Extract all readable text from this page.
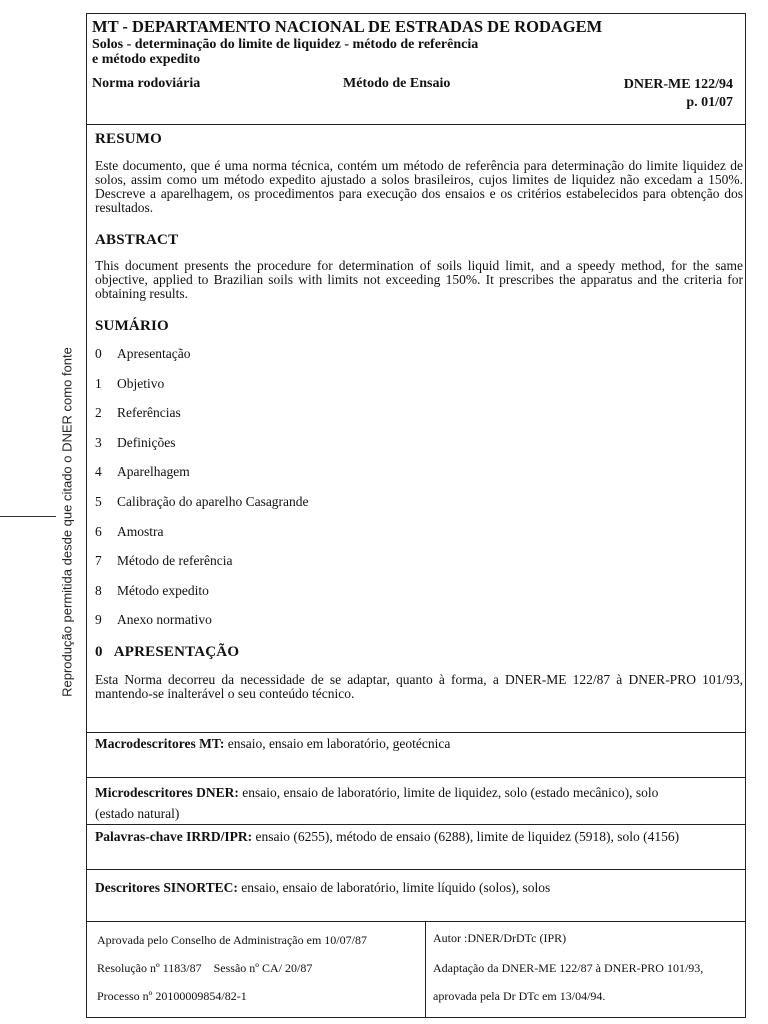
Reprodução permitida desde que citado o DNER como fonte
MT - DEPARTAMENTO NACIONAL DE ESTRADAS DE RODAGEM
Solos - determinação do limite de liquidez - método de referência
e método expedito
Norma rodoviária	Método de Ensaio	DNER-ME 122/94
p. 01/07
RESUMO

Este documento, que é uma norma técnica, contém um método de referência para determinação do limite liquidez de solos, assim como um método expedito ajustado a solos brasileiros, cujos limites de liquidez não excedam a 150%. Descreve a aparelhagem, os procedimentos para execução dos ensaios e os critérios estabelecidos para obtenção dos resultados.

ABSTRACT

This document presents the procedure for determination of soils liquid limit, and a speedy method, for the same objective, applied to Brazilian soils with limits not exceeding 150%. It prescribes the apparatus and the criteria for obtaining results.

SUMÁRIO
0	Apresentação
1	Objetivo
2	Referências
3	Definições
4	Aparelhagem
5	Calibração do aparelho Casagrande
6	Amostra
7	Método de referência
8	Método expedito
9	Anexo normativo
0   APRESENTAÇÃO

Esta Norma decorreu da necessidade de se adaptar, quanto à forma, a DNER-ME 122/87 à DNER-PRO 101/93, mantendo-se inalterável o seu conteúdo técnico.

Macrodescritores MT: ensaio, ensaio em laboratório, geotécnica
Microdescritores DNER: ensaio, ensaio de laboratório, limite de liquidez, solo (estado mecânico), solo
(estado natural)
Palavras-chave IRRD/IPR: ensaio (6255), método de ensaio (6288), limite de liquidez (5918), solo (4156)
Descritores SINORTEC: ensaio, ensaio de laboratório, limite líquido (solos), solos
Aprovada pelo Conselho de Administração em 10/07/87
Resolução nº 1183/87 Sessão nº CA/ 20/87
Processo nº 20100009854/82-1
Autor :DNER/DrDTc (IPR)
Adaptação da DNER-ME 122/87 à DNER-PRO 101/93,
aprovada pela Dr DTc em 13/04/94.
